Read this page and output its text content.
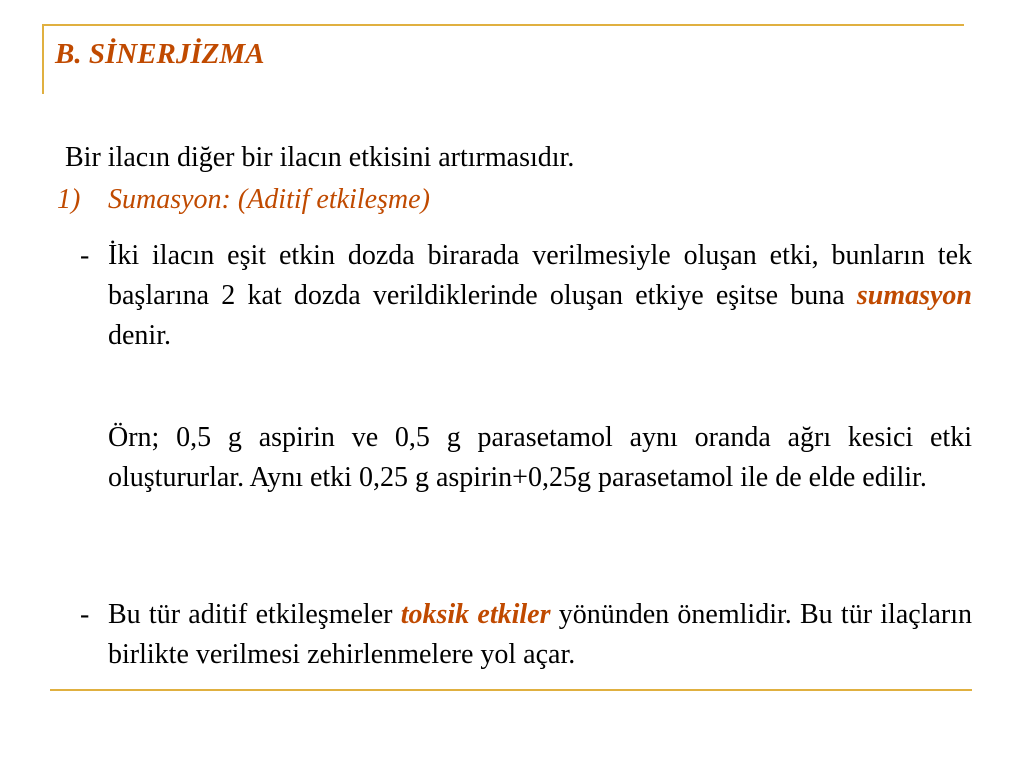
B. SİNERJİZMA
Bir ilacın diğer bir ilacın etkisini artırmasıdır.
1) Sumasyon: (Aditif etkileşme)
- İki ilacın eşit etkin dozda birarada verilmesiyle oluşan etki, bunların tek başlarına 2 kat dozda verildiklerinde oluşan etkiye eşitse buna sumasyon denir.
Örn; 0,5 g aspirin ve 0,5 g parasetamol aynı oranda ağrı kesici etki oluştururlar. Aynı etki 0,25 g aspirin+0,25g parasetamol ile de elde edilir.
- Bu tür aditif etkileşmeler toksik etkiler yönünden önemlidir. Bu tür ilaçların birlikte verilmesi zehirlenmelere yol açar.
